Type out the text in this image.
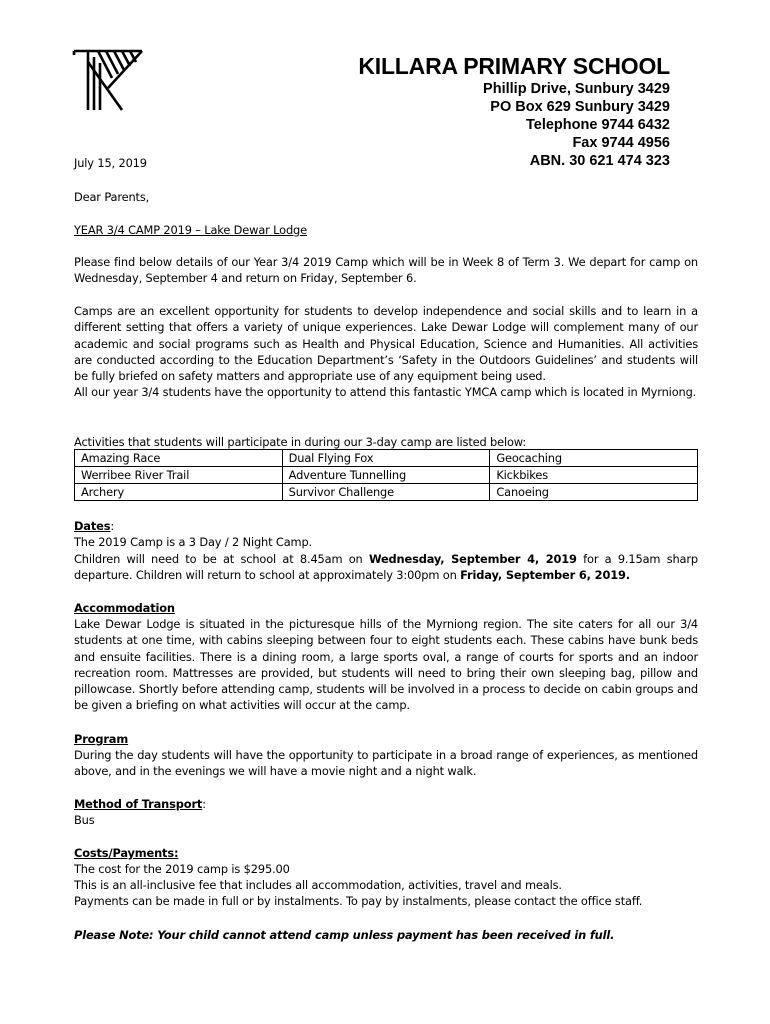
KILLARA PRIMARY SCHOOL
Phillip Drive, Sunbury 3429
PO Box 629 Sunbury 3429
Telephone 9744 6432
Fax 9744 4956
ABN. 30 621 474 323
July 15, 2019
Dear Parents,
YEAR 3/4 CAMP 2019 – Lake Dewar Lodge

Please find below details of our Year 3/4 2019 Camp which will be in Week 8 of Term 3. We depart for camp on Wednesday, September 4 and return on Friday, September 6.

Camps are an excellent opportunity for students to develop independence and social skills and to learn in a different setting that offers a variety of unique experiences. Lake Dewar Lodge will complement many of our academic and social programs such as Health and Physical Education, Science and Humanities. All activities are conducted according to the Education Department’s ‘Safety in the Outdoors Guidelines’ and students will be fully briefed on safety matters and appropriate use of any equipment being used.

All our year 3/4 students have the opportunity to attend this fantastic YMCA camp which is located in Myrniong.

Activities that students will participate in during our 3-day camp are listed below:
Amazing Race	Dual Flying Fox	Geocaching
Werribee River Trail	Adventure Tunnelling	Kickbikes
Archery	Survivor Challenge	Canoeing
Dates:
The 2019 Camp is a 3 Day / 2 Night Camp.

Children will need to be at school at 8.45am on Wednesday, September 4, 2019 for a 9.15am sharp departure. Children will return to school at approximately 3:00pm on Friday, September 6, 2019.

Accommodation

Lake Dewar Lodge is situated in the picturesque hills of the Myrniong region. The site caters for all our 3/4 students at one time, with cabins sleeping between four to eight students each. These cabins have bunk beds and ensuite facilities. There is a dining room, a large sports oval, a range of courts for sports and an indoor recreation room. Mattresses are provided, but students will need to bring their own sleeping bag, pillow and pillowcase. Shortly before attending camp, students will be involved in a process to decide on cabin groups and be given a briefing on what activities will occur at the camp.

Program

During the day students will have the opportunity to participate in a broad range of experiences, as mentioned above, and in the evenings we will have a movie night and a night walk.

Method of Transport:
Bus
Costs/Payments:
The cost for the 2019 camp is $295.00
This is an all-inclusive fee that includes all accommodation, activities, travel and meals.
Payments can be made in full or by instalments. To pay by instalments, please contact the office staff.
Please Note: Your child cannot attend camp unless payment has been received in full.
